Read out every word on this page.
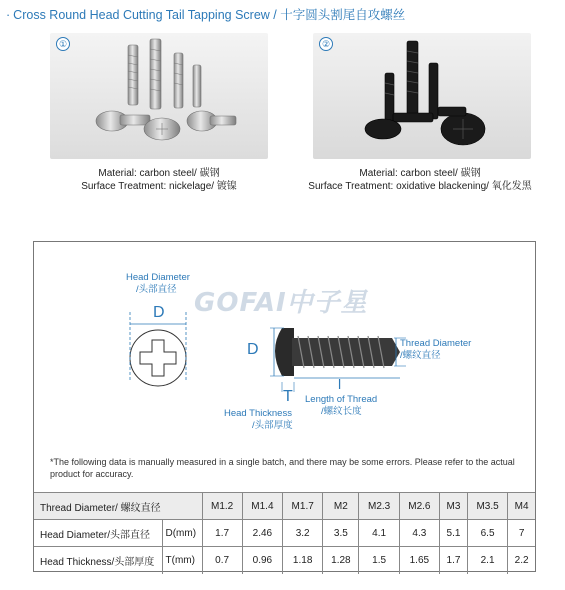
· Cross Round Head Cutting Tail Tapping Screw / 十字圆头割尾自攻螺丝
①	②
Material: carbon steel/ 碳钢
Surface Treatment: nickelage/ 镀镍
Material: carbon steel/ 碳钢
Surface Treatment: oxidative blackening/ 氧化发黑
GOFAI中子星
Head Diameter
/头部直径
D
D
T
Head Thickness
/头部厚度
l
Length of Thread
/螺纹长度
Thread Diameter
/螺纹直径
*The following data is manually measured in a single batch, and there may be some errors. Please refer to the actual product for accuracy.
Thread Diameter/ 螺纹直径		M1.2	M1.4	M1.7	M2	M2.3	M2.6	M3	M3.5	M4
Head Diameter/头部直径	D(mm)	1.7	2.46	3.2	3.5	4.1	4.3	5.1	6.5	7
Head Thickness/头部厚度	T(mm)	0.7	0.96	1.18	1.28	1.5	1.65	1.7	2.1	2.2
